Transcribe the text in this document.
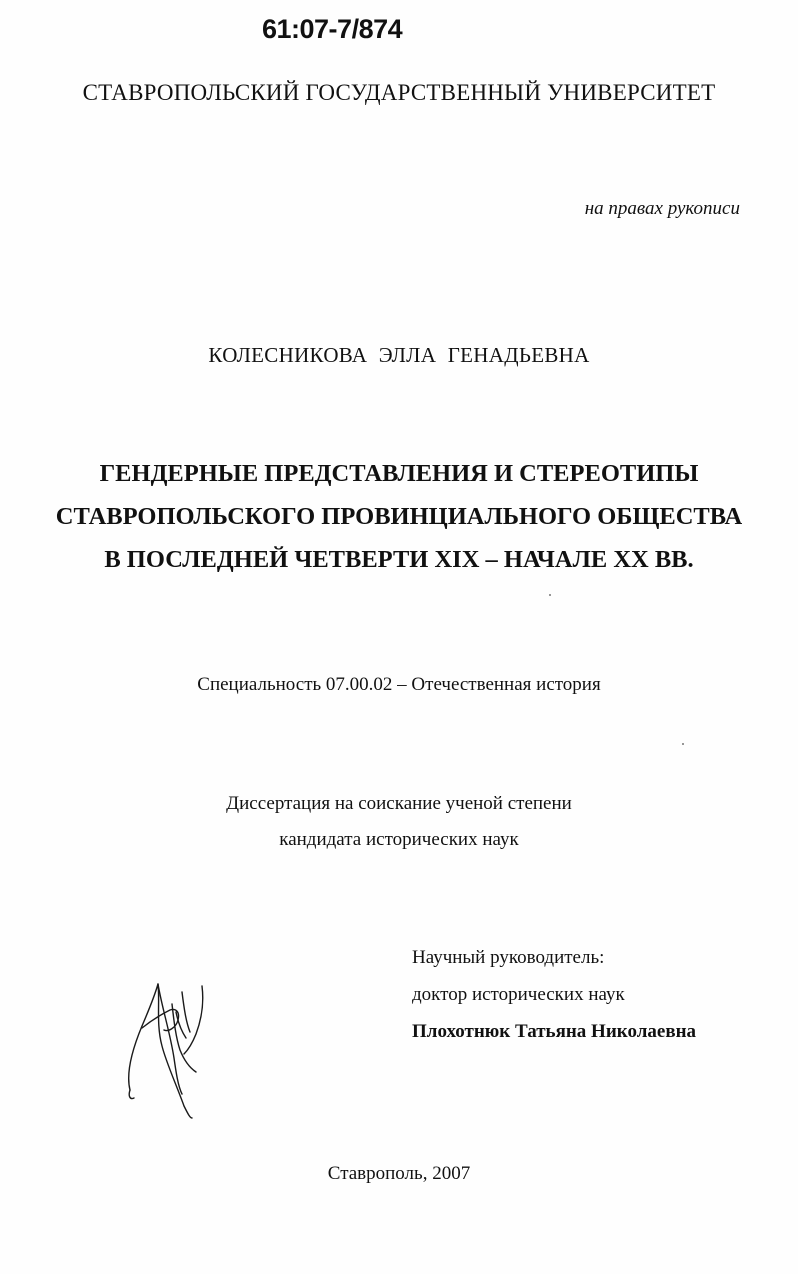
61:07-7/874
СТАВРОПОЛЬСКИЙ ГОСУДАРСТВЕННЫЙ УНИВЕРСИТЕТ
на правах рукописи
КОЛЕСНИКОВА ЭЛЛА ГЕНАДЬЕВНА
ГЕНДЕРНЫЕ ПРЕДСТАВЛЕНИЯ И СТЕРЕОТИПЫ
СТАВРОПОЛЬСКОГО ПРОВИНЦИАЛЬНОГО ОБЩЕСТВА
В ПОСЛЕДНЕЙ ЧЕТВЕРТИ XIX – НАЧАЛЕ XX ВВ.
Специальность 07.00.02 – Отечественная история
Диссертация на соискание ученой степени
кандидата исторических наук
Научный руководитель:
доктор исторических наук
Плохотнюк Татьяна Николаевна
Ставрополь, 2007
